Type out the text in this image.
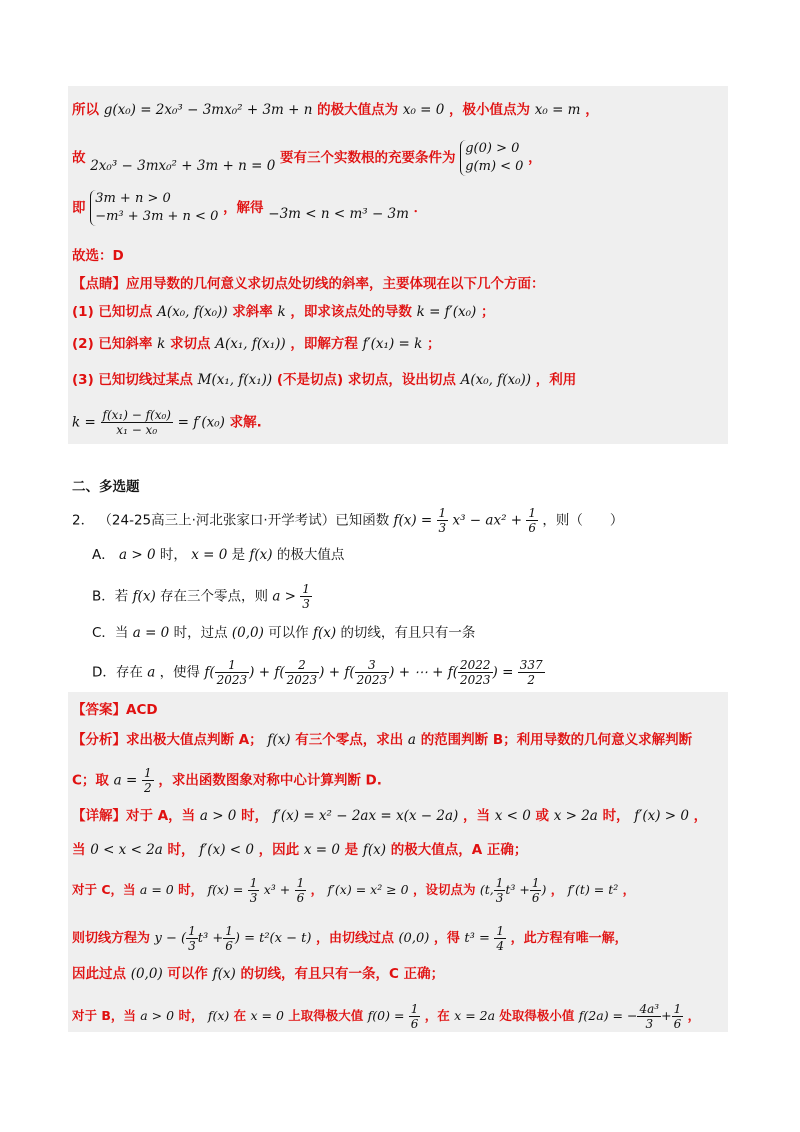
所以 g(x₀) = 2x₀³ − 3mx₀² + 3m + n 的极大值点为 x₀ = 0 ，极小值点为 x₀ = m ，
故 2x₀³ − 3mx₀² + 3m + n = 0 要有三个实数根的充要条件为
g(0) > 0
g(m) < 0
，
即
3m + n > 0
−m³ + 3m + n < 0
，解得 −3m < n < m³ − 3m ．
故选：D
【点睛】应用导数的几何意义求切点处切线的斜率，主要体现在以下几个方面：
(1) 已知切点 A(x₀, f(x₀)) 求斜率 k ，即求该点处的导数 k = f′(x₀) ；
(2) 已知斜率 k 求切点 A(x₁, f(x₁)) ，即解方程 f′(x₁) = k ；
(3) 已知切线过某点 M(x₁, f(x₁)) (不是切点) 求切点，设出切点 A(x₀, f(x₀)) ，利用
$k = \frac{\text{f(x₁) − f(x₀)}}{\text{x₁ − x₀}} = f'(x_0)$ 求解.
二、多选题
2． （24-25高三上·河北张家口·开学考试）已知函数 $f(x) = \frac{1}{3} x^3 - ax^2 + \frac{1}{6}$ ，则（　　）
A． a > 0 时， x = 0 是 f(x) 的极大值点
B．若 f(x) 存在三个零点，则 $a > \frac{1}{3}$
C．当 a = 0 时，过点 (0,0) 可以作 f(x) 的切线，有且只有一条
D．存在 a ，使得 $f( \frac{1}{2023}$ ) + $f( \frac{2}{2023}$ ) + $f( \frac{3}{2023}$ ) + ⋯ + $f( \frac{2022}{2023}$ ) = $\frac{337}{2}$
【答案】ACD
【分析】求出极大值点判断 A； f(x) 有三个零点，求出 a 的范围判断 B；利用导数的几何意义求解判断
C；取 $a = \frac{1}{2}$ ，求出函数图象对称中心计算判断 D.
【详解】对于 A，当 a > 0 时， f′(x) = x² − 2ax = x(x − 2a) ，当 x < 0 或 x > 2a 时， f′(x) > 0 ，
当 0 < x < 2a 时， f′(x) < 0 ，因此 x = 0 是 f(x) 的极大值点，A 正确；
对于 C，当 a = 0 时， $f(x) = \frac{1}{3} x^3 + \frac{1}{6}$ ， f′(x) = x² ≥ 0 ，设切点为 (t, $\frac{1}{3} t^3 + \frac{1}{6}$ ) ， f′(t) = t² ，
则切线方程为 y − ( $\frac{1}{3} t^3 + \frac{1}{6}$ ) = t²(x − t) ，由切线过点 (0,0) ，得 $t^3 = \frac{1}{4}$ ，此方程有唯一解，
因此过点 (0,0) 可以作 f(x) 的切线，有且只有一条，C 正确；
对于 B，当 a > 0 时， f(x) 在 x = 0 上取得极大值 $f(0) = \frac{1}{6}$ ，在 x = 2a 处取得极小值 f(2a) = − $\frac{\text{4a³}}{3} + \frac{1}{6}$ ，
